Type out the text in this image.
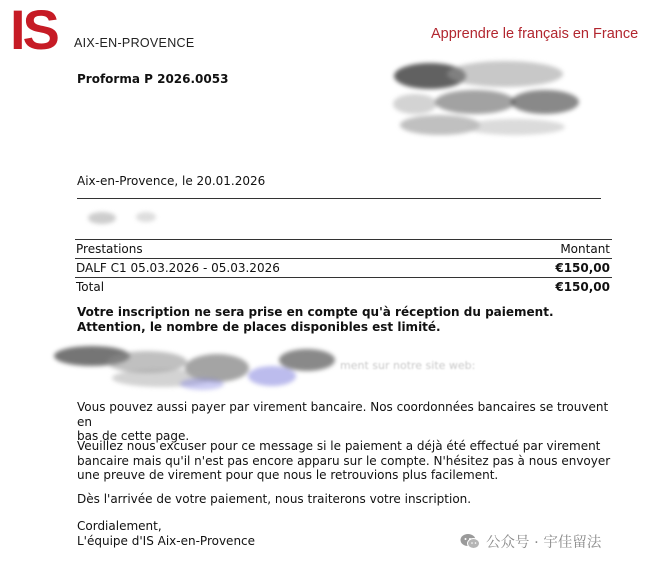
IS AIX-EN-PROVENCE
Apprendre le français en France
Proforma P 2026.0053
Aix-en-Provence, le 20.01.2026
Prestations	Montant
DALF C1 05.03.2026 - 05.03.2026	€150,00
Total	€150,00
Votre inscription ne sera prise en compte qu'à réception du paiement.
Attention, le nombre de places disponibles est limité.
ment sur notre site web:
Vous pouvez aussi payer par virement bancaire. Nos coordonnées bancaires se trouvent en
bas de cette page.
Veuillez nous excuser pour ce message si le paiement a déjà été effectué par virement
bancaire mais qu'il n'est pas encore apparu sur le compte. N'hésitez pas à nous envoyer
une preuve de virement pour que nous le retrouvions plus facilement.
Dès l'arrivée de votre paiement, nous traiterons votre inscription.
Cordialement,
L'équipe d'IS Aix-en-Provence	公众号 · 宇佳留法
